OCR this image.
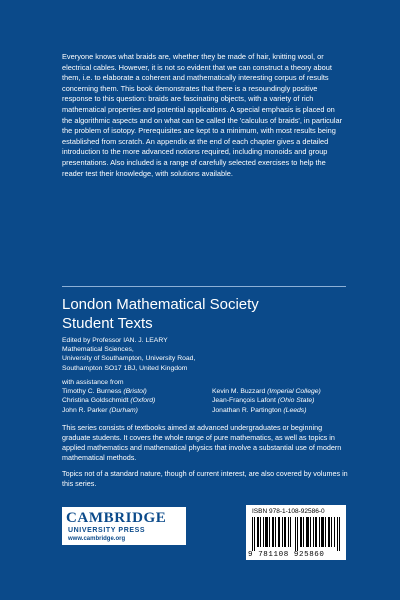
Everyone knows what braids are, whether they be made of hair, knitting wool, or electrical cables. However, it is not so evident that we can construct a theory about them, i.e. to elaborate a coherent and mathematically interesting corpus of results concerning them. This book demonstrates that there is a resoundingly positive response to this question: braids are fascinating objects, with a variety of rich mathematical properties and potential applications. A special emphasis is placed on the algorithmic aspects and on what can be called the 'calculus of braids', in particular the problem of isotopy. Prerequisites are kept to a minimum, with most results being established from scratch. An appendix at the end of each chapter gives a detailed introduction to the more advanced notions required, including monoids and group presentations. Also included is a range of carefully selected exercises to help the reader test their knowledge, with solutions available.
London Mathematical Society
Student Texts
Edited by Professor IAN. J. LEARY
Mathematical Sciences,
University of Southampton, University Road,
Southampton SO17 1BJ, United Kingdom
with assistance from
Timothy C. Burness (Bristol)	Kevin M. Buzzard (Imperial College)
Christina Goldschmidt (Oxford)	Jean-François Lafont (Ohio State)
John R. Parker (Durham)	Jonathan R. Partington (Leeds)
This series consists of textbooks aimed at advanced undergraduates or beginning graduate students. It covers the whole range of pure mathematics, as well as topics in applied mathematics and mathematical physics that involve a substantial use of modern mathematical methods.
Topics not of a standard nature, though of current interest, are also covered by volumes in this series.
CAMBRIDGE
UNIVERSITY PRESS
www.cambridge.org
ISBN 978-1-108-92586-0
9 781108 925860
